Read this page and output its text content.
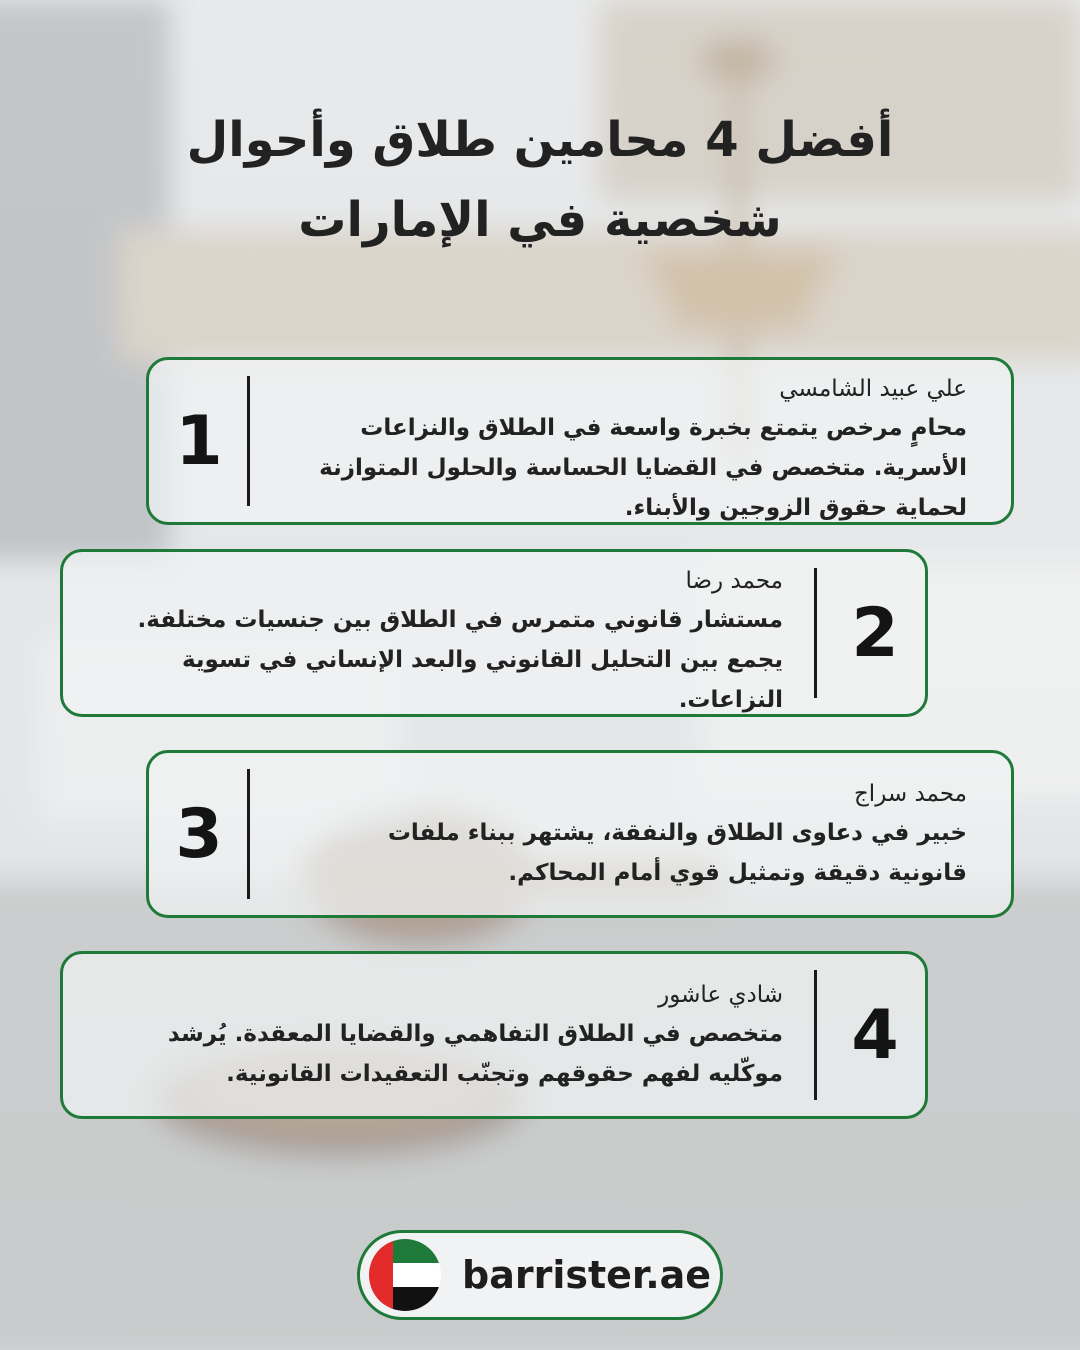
أفضل 4 محامين طلاق وأحوال شخصية في الإمارات
1
علي عبيد الشامسي
محامٍ مرخص يتمتع بخبرة واسعة في الطلاق والنزاعات الأسرية. متخصص في القضايا الحساسة والحلول المتوازنة لحماية حقوق الزوجين والأبناء.
2
محمد رضا
مستشار قانوني متمرس في الطلاق بين جنسيات مختلفة. يجمع بين التحليل القانوني والبعد الإنساني في تسوية النزاعات.
3
محمد سراج
خبير في دعاوى الطلاق والنفقة، يشتهر ببناء ملفات قانونية دقيقة وتمثيل قوي أمام المحاكم.
4
شادي عاشور
متخصص في الطلاق التفاهمي والقضايا المعقدة. يُرشد موكّليه لفهم حقوقهم وتجنّب التعقيدات القانونية.
barrister.ae
